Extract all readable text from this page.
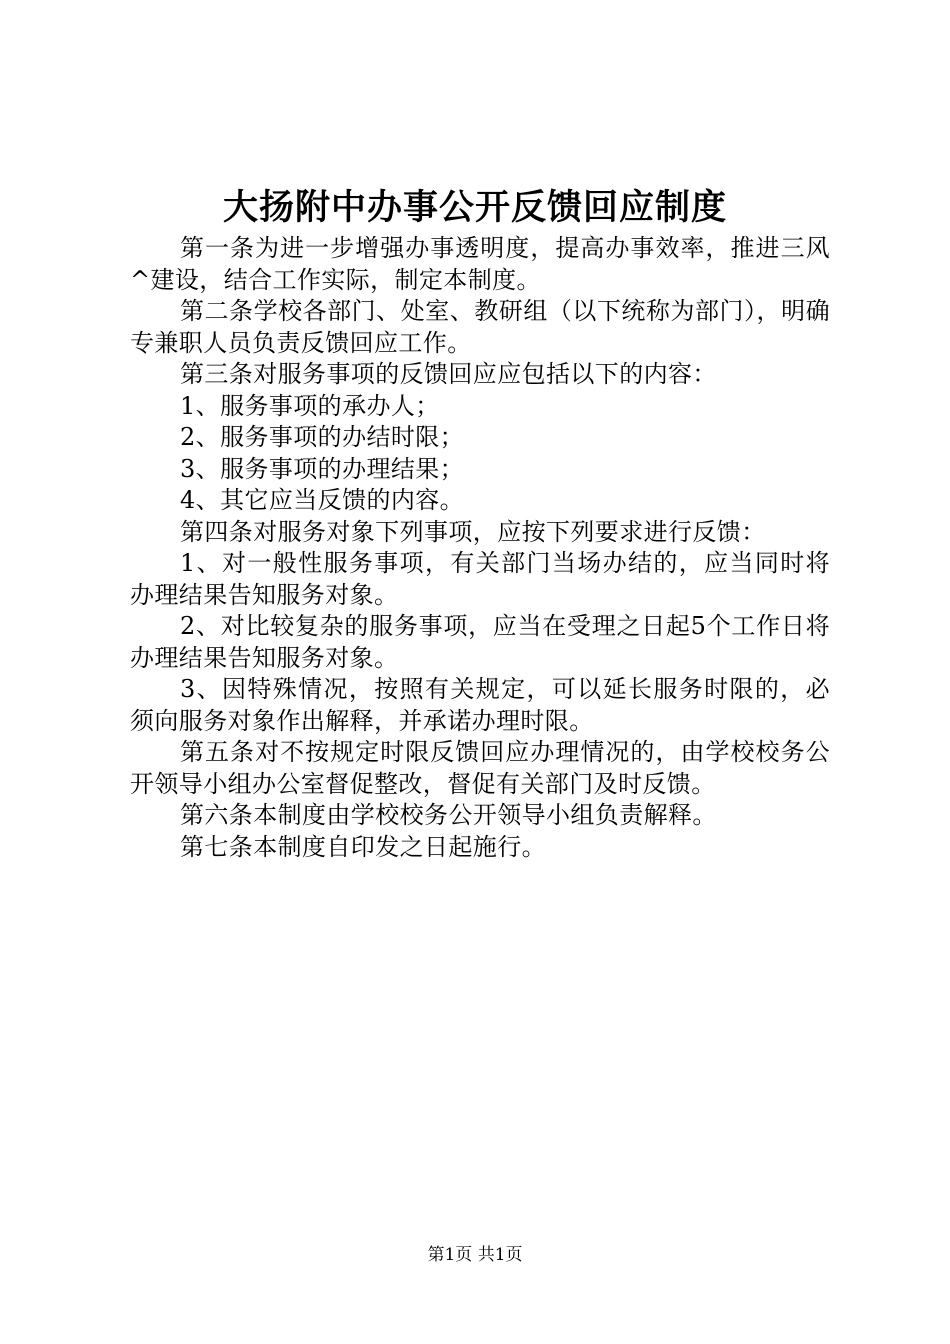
大扬附中办事公开反馈回应制度

第一条为进一步增强办事透明度，提高办事效率，推进三风^建设，结合工作实际，制定本制度。

第二条学校各部门、处室、教研组（以下统称为部门），明确专兼职人员负责反馈回应工作。

第三条对服务事项的反馈回应应包括以下的内容：

1、服务事项的承办人；

2、服务事项的办结时限；

3、服务事项的办理结果；

4、其它应当反馈的内容。

第四条对服务对象下列事项，应按下列要求进行反馈：

1、对一般性服务事项，有关部门当场办结的，应当同时将办理结果告知服务对象。

2、对比较复杂的服务事项，应当在受理之日起5个工作日将办理结果告知服务对象。

3、因特殊情况，按照有关规定，可以延长服务时限的，必须向服务对象作出解释，并承诺办理时限。

第五条对不按规定时限反馈回应办理情况的，由学校校务公开领导小组办公室督促整改，督促有关部门及时反馈。

第六条本制度由学校校务公开领导小组负责解释。

第七条本制度自印发之日起施行。

第1页 共1页
